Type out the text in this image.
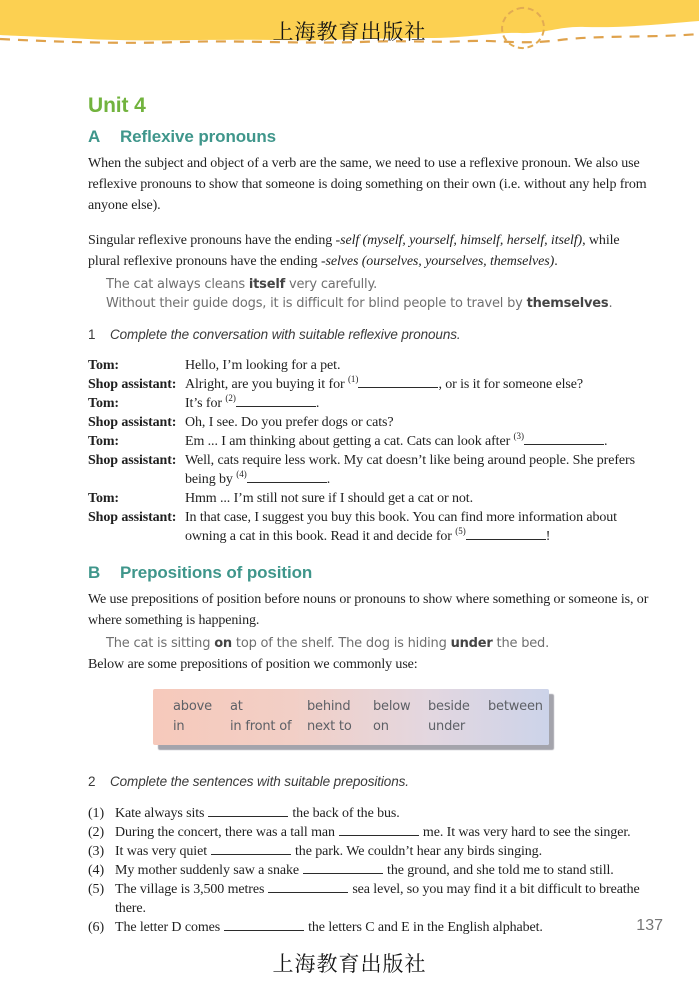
上海教育出版社
Unit 4
A	Reflexive pronouns

When the subject and object of a verb are the same, we need to use a reflexive pronoun. We also use reflexive pronouns to show that someone is doing something on their own (i.e. without any help from anyone else).

Singular reflexive pronouns have the ending -self (myself, yourself, himself, herself, itself), while plural reflexive pronouns have the ending -selves (ourselves, yourselves, themselves).

The cat always cleans itself very carefully.
Without their guide dogs, it is difficult for blind people to travel by themselves.
1	Complete the conversation with suitable reflexive pronouns.
Tom:	Hello, I’m looking for a pet.
Shop assistant: Alright, are you buying it for $^{(1)}$	, or is it for someone else?
Tom:	It’s for $^{(2)}$	.
Shop assistant: Oh, I see. Do you prefer dogs or cats?
Tom:	Em ... I am thinking about getting a cat. Cats can look after $^{(3)}$	.
Shop assistant: Well, cats require less work. My cat doesn’t like being around people. She prefers
being by $^{(4)}$	.
Tom:	Hmm ... I’m still not sure if I should get a cat or not.
Shop assistant: In that case, I suggest you buy this book. You can find more information about
owning a cat in this book. Read it and decide for $^{(5)}$	!
B	Prepositions of position

We use prepositions of position before nouns or pronouns to show where something or someone is, or where something is happening.

The cat is sitting on top of the shelf. The dog is hiding under the bed.

Below are some prepositions of position we commonly use:

above	at	behind	below	beside	between
in	in front of	next to	on	under
2	Complete the sentences with suitable prepositions.
(1) Kate always sits	the back of the bus.
(2) During the concert, there was a tall man	me. It was very hard to see the singer.
(3) It was very quiet	the park. We couldn’t hear any birds singing.
(4) My mother suddenly saw a snake	the ground, and she told me to stand still.
(5) The village is 3,500 metres	sea level, so you may find it a bit difficult to breathe
there.
(6) The letter D comes	the letters C and E in the English alphabet.	137
上海教育出版社
